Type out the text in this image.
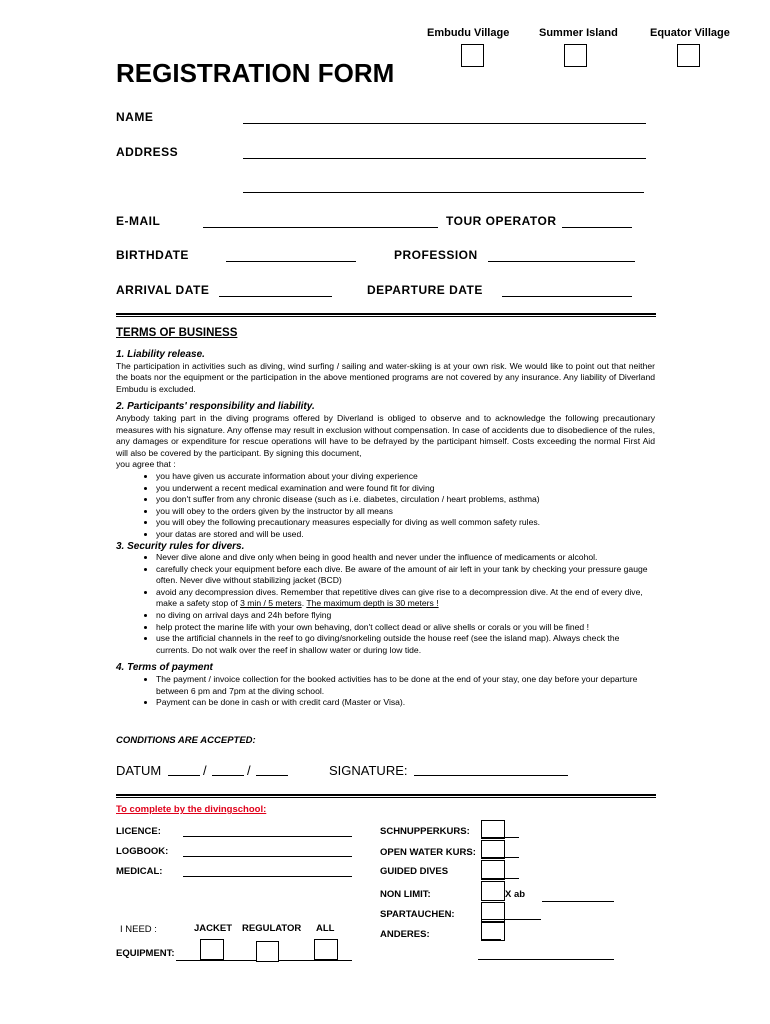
Embudu Village	Summer Island	Equator Village
REGISTRATION FORM
NAME
ADDRESS
E-MAIL	TOUR OPERATOR
BIRTHDATE	PROFESSION
ARRIVAL DATE	DEPARTURE DATE
TERMS OF BUSINESS

1. Liability release.

The participation in activities such as diving, wind surfing / sailing and water-skiing is at your own risk. We would like to point out that neither the boats nor the equipment or the participation in the above mentioned programs are not covered by any insurance. Any liability of Diverland Embudu is excluded.

2. Participants' responsibility and liability.

Anybody taking part in the diving programs offered by Diverland is obliged to observe and to acknowledge the following precautionary measures with his signature. Any offense may result in exclusion without compensation. In case of accidents due to disobedience of the rules, any damages or expenditure for rescue operations will have to be defrayed by the participant himself. Costs exceeding the normal First Aid will also be covered by the participant. By signing this document,

you agree that :

• you have given us accurate information about your diving experience
• you underwent a recent medical examination and were found fit for diving
• you don't suffer from any chronic disease (such as i.e. diabetes, circulation / heart problems, asthma)
• you will obey to the orders given by the instructor by all means
• you will obey the following precautionary measures especially for diving as well common safety rules.
• your datas are stored and will be used.

3. Security rules for divers.

• Never dive alone and dive only when being in good health and never under the influence of medicaments or alcohol.
• carefully check your equipment before each dive. Be aware of the amount of air left in your tank by checking your pressure gauge often. Never dive without stabilizing jacket (BCD)
• avoid any decompression dives. Remember that repetitive dives can give rise to a decompression dive. At the end of every dive, make a safety stop of 3 min / 5 meters. The maximum depth is 30 meters !
• no diving on arrival days and 24h before flying
• help protect the marine life with your own behaving, don't collect dead or alive shells or corals or you will be fined !
• use the artificial channels in the reef to go diving/snorkeling outside the house reef (see the island map). Always check the currents. Do not walk over the reef in shallow water or during low tide.

4. Terms of payment

• The payment / invoice collection for the booked activities has to be done at the end of your stay, one day before your departure between 6 pm and 7pm at the diving school.
• Payment can be done in cash or with credit card (Master or Visa).
CONDITIONS ARE ACCEPTED:
DATUM	/	/	SIGNATURE:
To complete by the divingschool:
LICENCE:
LOGBOOK:
MEDICAL:
SCHNUPPERKURS:
OPEN WATER KURS:
GUIDED DIVES
NON LIMIT:	X ab
SPARTAUCHEN:
ANDERES:
I NEED :	JACKET REGULATOR ALL
EQUIPMENT:
